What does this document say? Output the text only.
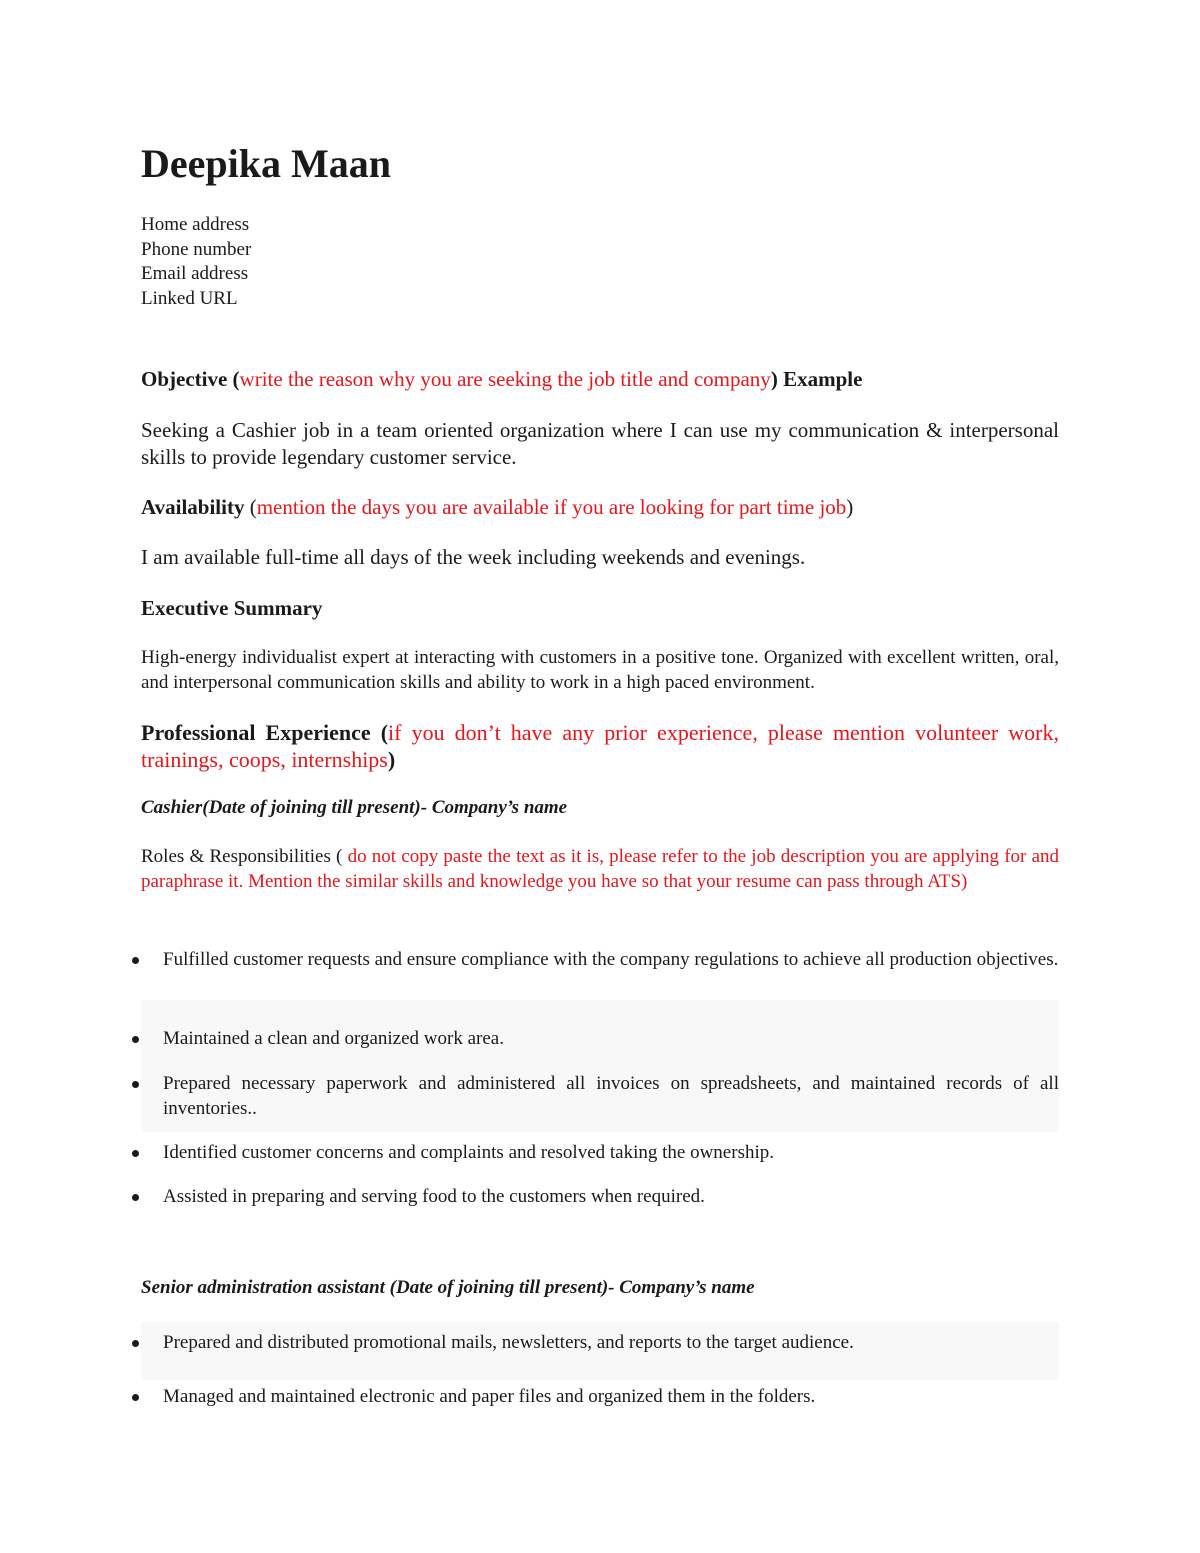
Deepika Maan
Home address
Phone number
Email address
Linked URL
Objective (write the reason why you are seeking the job title and company) Example
Seeking a Cashier job in a team oriented organization where I can use my communication & interpersonal skills to provide legendary customer service.
Availability (mention the days you are available if you are looking for part time job)
I am available full-time all days of the week including weekends and evenings.
Executive Summary
High-energy individualist expert at interacting with customers in a positive tone. Organized with excellent written, oral, and interpersonal communication skills and ability to work in a high paced environment.
Professional Experience (if you don’t have any prior experience, please mention volunteer work, trainings, coops, internships)
Cashier(Date of joining till present)- Company’s name
Roles & Responsibilities ( do not copy paste the text as it is, please refer to the job description you are applying for and paraphrase it. Mention the similar skills and knowledge you have so that your resume can pass through ATS)
Fulfilled customer requests and ensure compliance with the company regulations to achieve all production objectives.
Maintained a clean and organized work area.
Prepared necessary paperwork and administered all invoices on spreadsheets, and maintained records of all inventories..
Identified customer concerns and complaints and resolved taking the ownership.
Assisted in preparing and serving food to the customers when required.
Senior administration assistant (Date of joining till present)- Company’s name
Prepared and distributed promotional mails, newsletters, and reports to the target audience.
Managed and maintained electronic and paper files and organized them in the folders.
